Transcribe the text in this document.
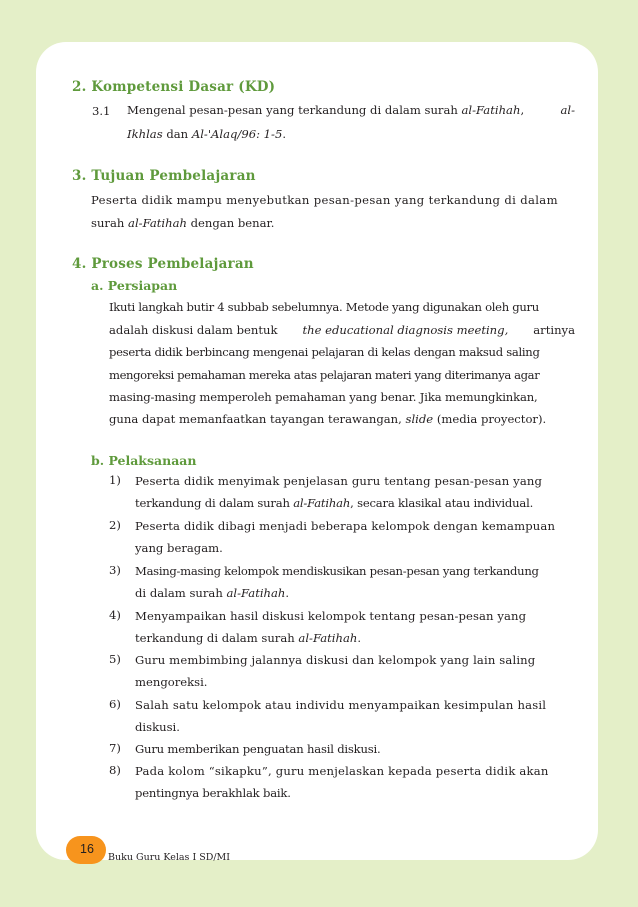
2. Kompetensi Dasar (KD)
3.1 Mengenal pesan-pesan yang terkandung di dalam surah al-Fatihah,	al-
Ikhlas dan Al-'Alaq/96: 1-5.
3. Tujuan Pembelajaran
Peserta didik mampu menyebutkan pesan-pesan yang terkandung di dalam
surah al-Fatihah dengan benar.
4. Proses Pembelajaran
a. Persiapan
Ikuti langkah butir 4 subbab sebelumnya. Metode yang digunakan oleh guru
adalah diskusi dalam bentuk the educational diagnosis meeting, artinya
peserta didik berbincang mengenai pelajaran di kelas dengan maksud saling
mengoreksi pemahaman mereka atas pelajaran materi yang diterimanya agar
masing-masing memperoleh pemahaman yang benar. Jika memungkinkan,
guna dapat memanfaatkan tayangan terawangan, slide (media proyector).
b. Pelaksanaan
1) Peserta didik menyimak penjelasan guru tentang pesan-pesan yang
terkandung di dalam surah al-Fatihah, secara klasikal atau individual.
2) Peserta didik dibagi menjadi beberapa kelompok dengan kemampuan
yang beragam.
3) Masing-masing kelompok mendiskusikan pesan-pesan yang terkandung
di dalam surah al-Fatihah.
4) Menyampaikan hasil diskusi kelompok tentang pesan-pesan yang
terkandung di dalam surah al-Fatihah.
5) Guru membimbing jalannya diskusi dan kelompok yang lain saling
mengoreksi.
6) Salah satu kelompok atau individu menyampaikan kesimpulan hasil
diskusi.
7) Guru memberikan penguatan hasil diskusi.
8) Pada kolom “sikapku”, guru menjelaskan kepada peserta didik akan
pentingnya berakhlak baik.
16
Buku Guru Kelas I SD/MI
